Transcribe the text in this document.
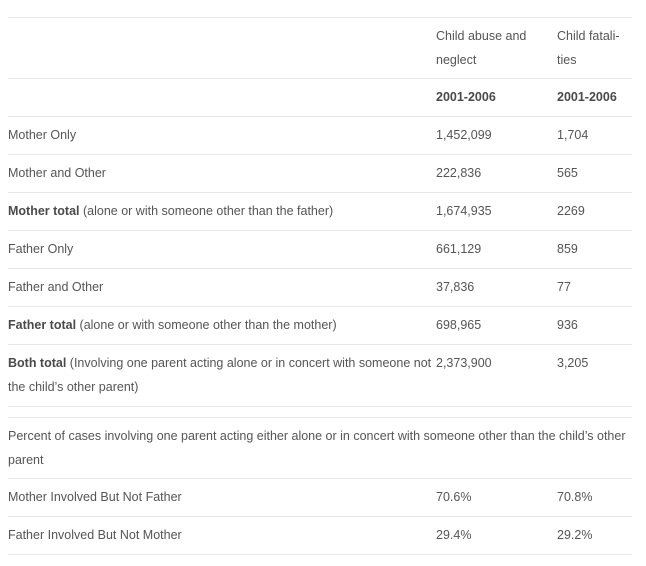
	Child abuse and neglect	Child fatali-ties
	2001-2006	2001-2006
Mother Only	1,452,099	1,704
Mother and Other	222,836	565
Mother total (alone or with someone other than the father)	1,674,935	2269
Father Only	661,129	859
Father and Other	37,836	77
Father total (alone or with someone other than the mother)	698,965	936
Both total (Involving one parent acting alone or in concert with someone not the child’s other parent)	2,373,900	3,205

Percent of cases involving one parent acting either alone or in concert with someone other than the child’s other parent		
Mother Involved But Not Father	70.6%	70.8%
Father Involved But Not Mother	29.4%	29.2%
